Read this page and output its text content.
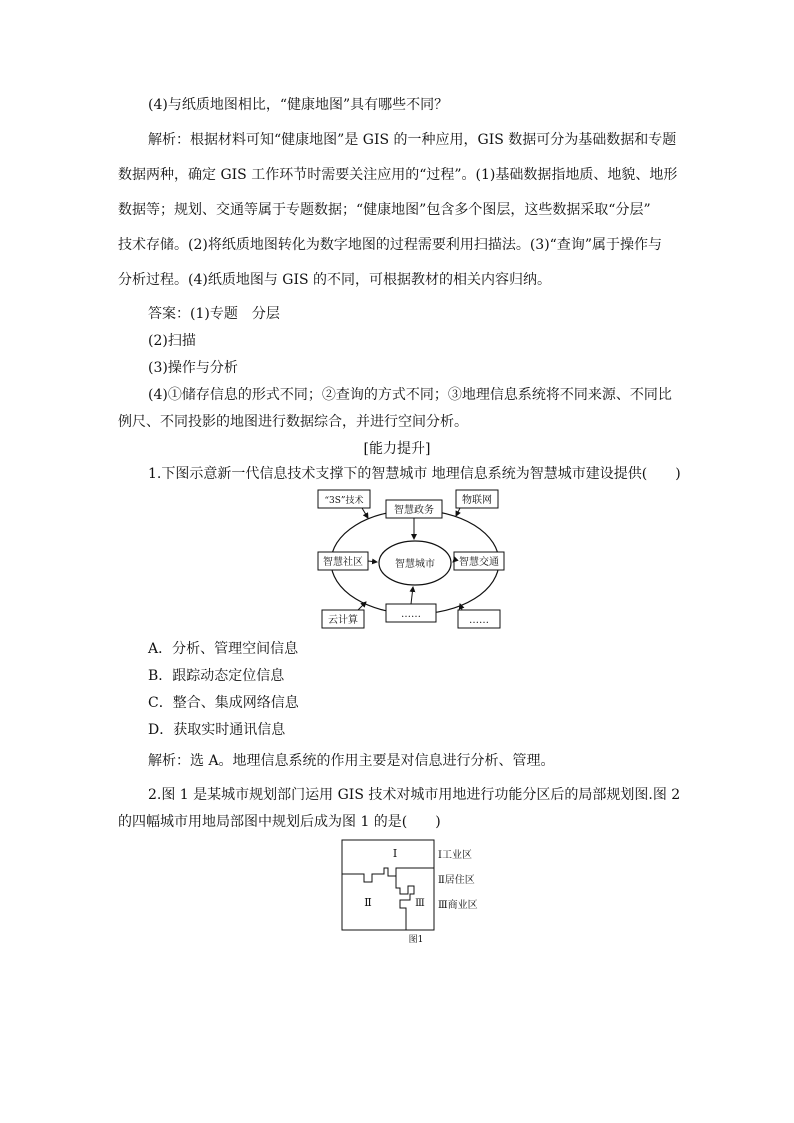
(4)与纸质地图相比，“健康地图”具有哪些不同？
解析：根据材料可知“健康地图”是 GIS 的一种应用，GIS 数据可分为基础数据和专题
数据两种，确定 GIS 工作环节时需要关注应用的“过程”。(1)基础数据指地质、地貌、地形
数据等；规划、交通等属于专题数据；“健康地图”包含多个图层，这些数据采取“分层”
技术存储。(2)将纸质地图转化为数字地图的过程需要利用扫描法。(3)“查询”属于操作与
分析过程。(4)纸质地图与 GIS 的不同，可根据教材的相关内容归纳。
答案：(1)专题　分层
(2)扫描
(3)操作与分析
(4)①储存信息的形式不同；②查询的方式不同；③地理信息系统将不同来源、不同比
例尺、不同投影的地图进行数据综合，并进行空间分析。
[能力提升]
1.下图示意新一代信息技术支撑下的智慧城市 地理信息系统为智慧城市建设提供(　　)
智慧城市
智慧政务
智慧社区	智慧交通
……
“3S”技术	物联网
云计算	……
A．分析、管理空间信息
B．跟踪动态定位信息
C．整合、集成网络信息
D．获取实时通讯信息
解析：选 A。地理信息系统的作用主要是对信息进行分析、管理。
2.图 1 是某城市规划部门运用 GIS 技术对城市用地进行功能分区后的局部规划图.图 2
的四幅城市用地局部图中规划后成为图 1 的是(　　)
Ⅰ
Ⅱ	Ⅲ
Ⅰ工业区
Ⅱ居住区
Ⅲ商业区
图1
